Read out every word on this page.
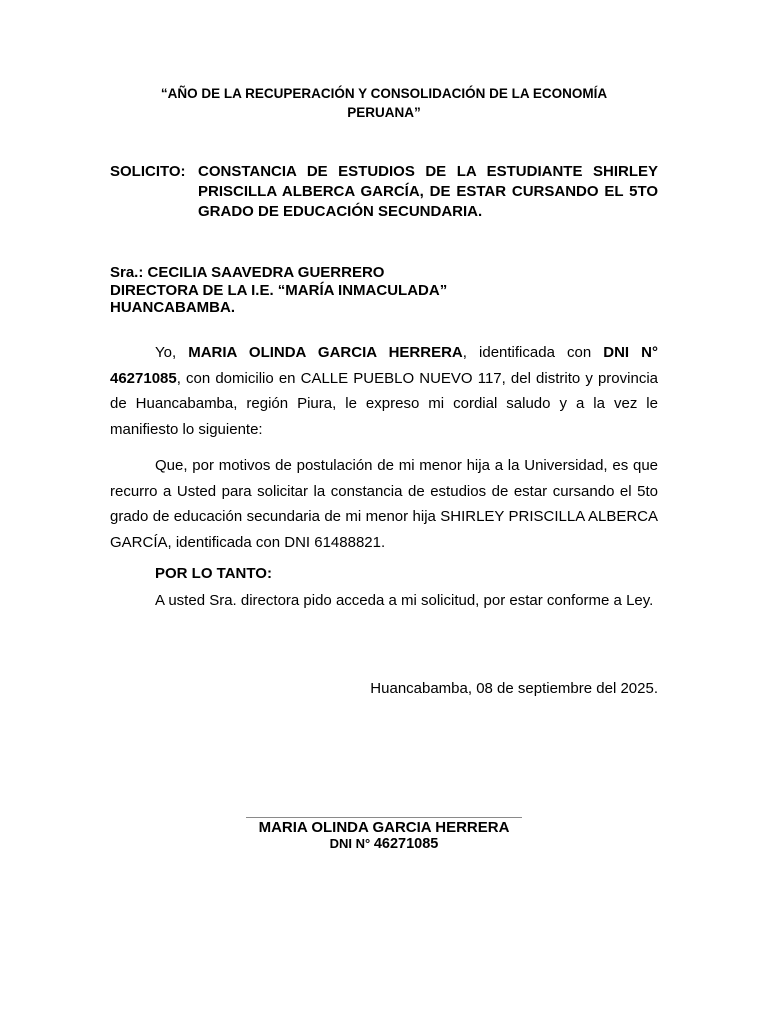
“AÑO DE LA RECUPERACIÓN Y CONSOLIDACIÓN DE LA ECONOMÍA
PERUANA”
SOLICITO: CONSTANCIA DE ESTUDIOS DE LA ESTUDIANTE SHIRLEY PRISCILLA ALBERCA GARCÍA, DE ESTAR CURSANDO EL 5TO GRADO DE EDUCACIÓN SECUNDARIA.
Sra.: CECILIA SAAVEDRA GUERRERO
DIRECTORA DE LA I.E. “MARÍA INMACULADA”
HUANCABAMBA.

Yo, MARIA OLINDA GARCIA HERRERA, identificada con DNI N° 46271085, con domicilio en CALLE PUEBLO NUEVO 117, del distrito y provincia de Huancabamba, región Piura, le expreso mi cordial saludo y a la vez le manifiesto lo siguiente:

Que, por motivos de postulación de mi menor hija a la Universidad, es que recurro a Usted para solicitar la constancia de estudios de estar cursando el 5to grado de educación secundaria de mi menor hija SHIRLEY PRISCILLA ALBERCA GARCÍA, identificada con DNI 61488821.

POR LO TANTO:

A usted Sra. directora pido acceda a mi solicitud, por estar conforme a Ley.

Huancabamba, 08 de septiembre del 2025.
MARIA OLINDA GARCIA HERRERA
DNI N° 46271085
